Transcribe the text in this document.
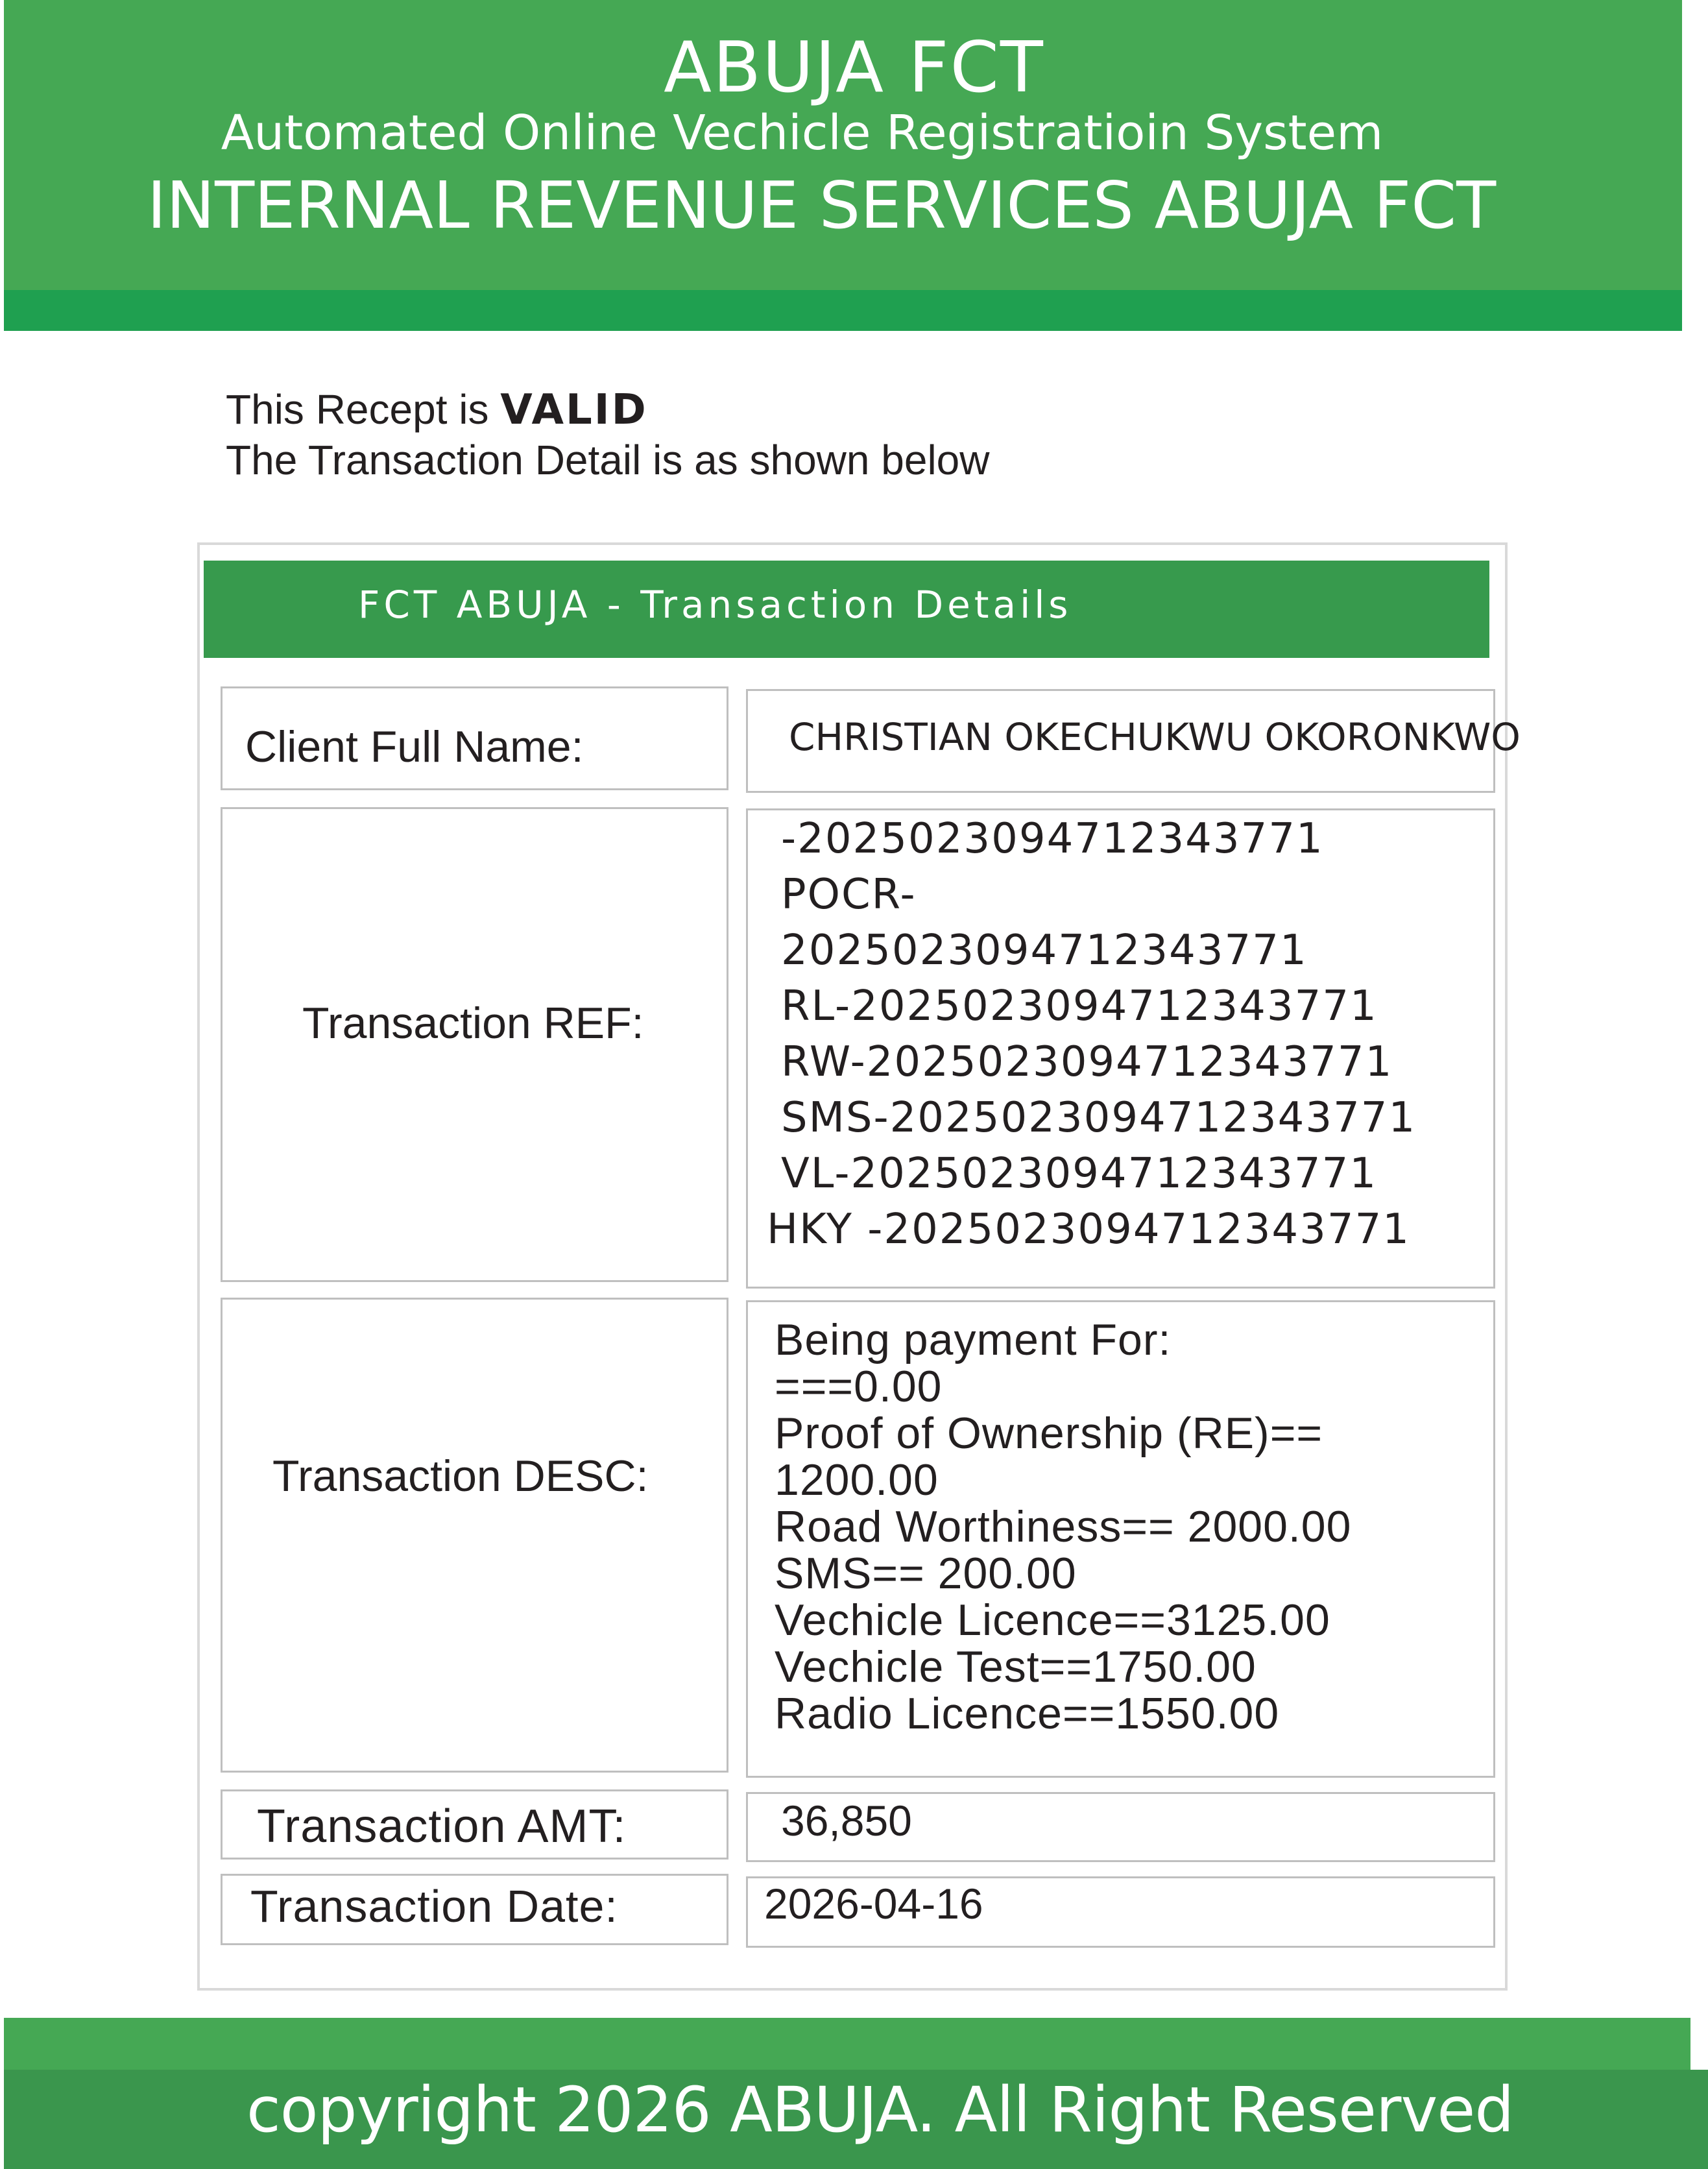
ABUJA FCT
Automated Online Vechicle Registratioin System
INTERNAL REVENUE SERVICES ABUJA FCT
This Recept is VALID
The Transaction Detail is as shown below
FCT ABUJA - Transaction Details
Client Full Name:	CHRISTIAN OKECHUKWU OKORONKWO
Transaction REF:
-2025023094712343771
POCR-
2025023094712343771
RL-2025023094712343771
RW-2025023094712343771
SMS-2025023094712343771
VL-2025023094712343771
HKY -2025023094712343771
Transaction DESC:
Being payment For:
===0.00
Proof of Ownership (RE)==
1200.00
Road Worthiness== 2000.00
SMS== 200.00
Vechicle Licence==3125.00
Vechicle Test==1750.00
Radio Licence==1550.00
Transaction AMT:	36,850
Transaction Date:	2026-04-16
copyright 2026 ABUJA. All Right Reserved
